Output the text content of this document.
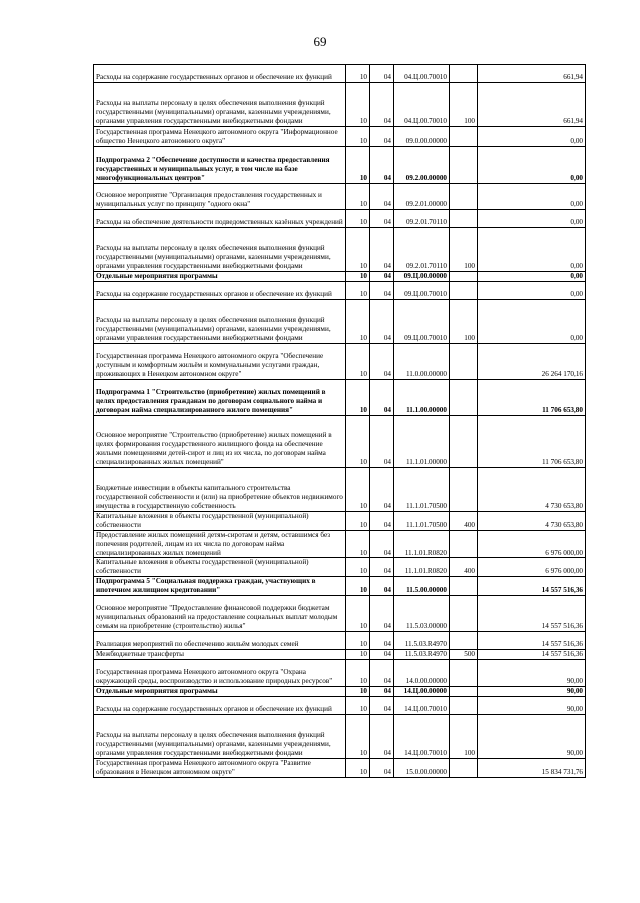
69
Расходы на содержание государственных органов и обеспечение их функций	10	04	04.Ц.00.70010		661,94
Расходы на выплаты персоналу в целях обеспечения выполнения функций государственными (муниципальными) органами, казенными учреждениями, органами управления государственными внебюджетными фондами	10	04	04.Ц.00.70010	100	661,94
Государственная программа Ненецкого автономного округа "Информационное общество Ненецкого автономного округа"	10	04	09.0.00.00000		0,00
Подпрограмма 2 "Обеспечение доступности и качества предоставления государственных и муниципальных услуг, в том числе на базе многофункциональных центров"	10	04	09.2.00.00000		0,00
Основное мероприятие "Организация предоставления государственных и муниципальных услуг по принципу "одного окна"	10	04	09.2.01.00000		0,00
Расходы на обеспечение деятельности подведомственных казённых учреждений	10	04	09.2.01.70110		0,00
Расходы на выплаты персоналу в целях обеспечения выполнения функций государственными (муниципальными) органами, казенными учреждениями, органами управления государственными внебюджетными фондами	10	04	09.2.01.70110	100	0,00
Отдельные мероприятия программы	10	04	09.Ц.00.00000		0,00
Расходы на содержание государственных органов и обеспечение их функций	10	04	09.Ц.00.70010		0,00
Расходы на выплаты персоналу в целях обеспечения выполнения функций государственными (муниципальными) органами, казенными учреждениями, органами управления государственными внебюджетными фондами	10	04	09.Ц.00.70010	100	0,00
Государственная программа Ненецкого автономного округа "Обеспечение доступным и комфортным жильём и коммунальными услугами граждан, проживающих в Ненецком автономном округе"	10	04	11.0.00.00000		26 264 170,16
Подпрограмма 1 "Строительство (приобретение) жилых помещений в целях предоставления гражданам по договорам социального найма и договорам найма специализированного жилого помещения"	10	04	11.1.00.00000		11 706 653,80
Основное мероприятие "Строительство (приобретение) жилых помещений в целях формирования государственного жилищного фонда на обеспечение жилыми помещениями детей-сирот и лиц из их числа, по договорам найма специализированных жилых помещений"	10	04	11.1.01.00000		11 706 653,80
Бюджетные инвестиции в объекты капитального строительства государственной собственности и (или) на приобретение объектов недвижимого имущества в государственную собственность	10	04	11.1.01.70500		4 730 653,80
Капитальные вложения в объекты государственной (муниципальной) собственности	10	04	11.1.01.70500	400	4 730 653,80
Предоставление жилых помещений детям-сиротам и детям, оставшимся без попечения родителей, лицам из их числа по договорам найма специализированных жилых помещений	10	04	11.1.01.R0820		6 976 000,00
Капитальные вложения в объекты государственной (муниципальной) собственности	10	04	11.1.01.R0820	400	6 976 000,00
Подпрограмма 5 "Социальная поддержка граждан, участвующих в ипотечном жилищном кредитовании"	10	04	11.5.00.00000		14 557 516,36
Основное мероприятие "Предоставление финансовой поддержки бюджетам муниципальных образований на предоставление социальных выплат молодым семьям на приобретение (строительство) жилья"	10	04	11.5.03.00000		14 557 516,36
Реализация мероприятий по обеспечению жильём молодых семей	10	04	11.5.03.R4970		14 557 516,36
Межбюджетные трансферты	10	04	11.5.03.R4970	500	14 557 516,36
Государственная программа Ненецкого автономного округа "Охрана окружающей среды, воспроизводство и использование природных ресурсов"	10	04	14.0.00.00000		90,00
Отдельные мероприятия программы	10	04	14.Ц.00.00000		90,00
Расходы на содержание государственных органов и обеспечение их функций	10	04	14.Ц.00.70010		90,00
Расходы на выплаты персоналу в целях обеспечения выполнения функций государственными (муниципальными) органами, казенными учреждениями, органами управления государственными внебюджетными фондами	10	04	14.Ц.00.70010	100	90,00
Государственная программа Ненецкого автономного округа "Развитие образования в Ненецком автономном округе"	10	04	15.0.00.00000		15 834 731,76
